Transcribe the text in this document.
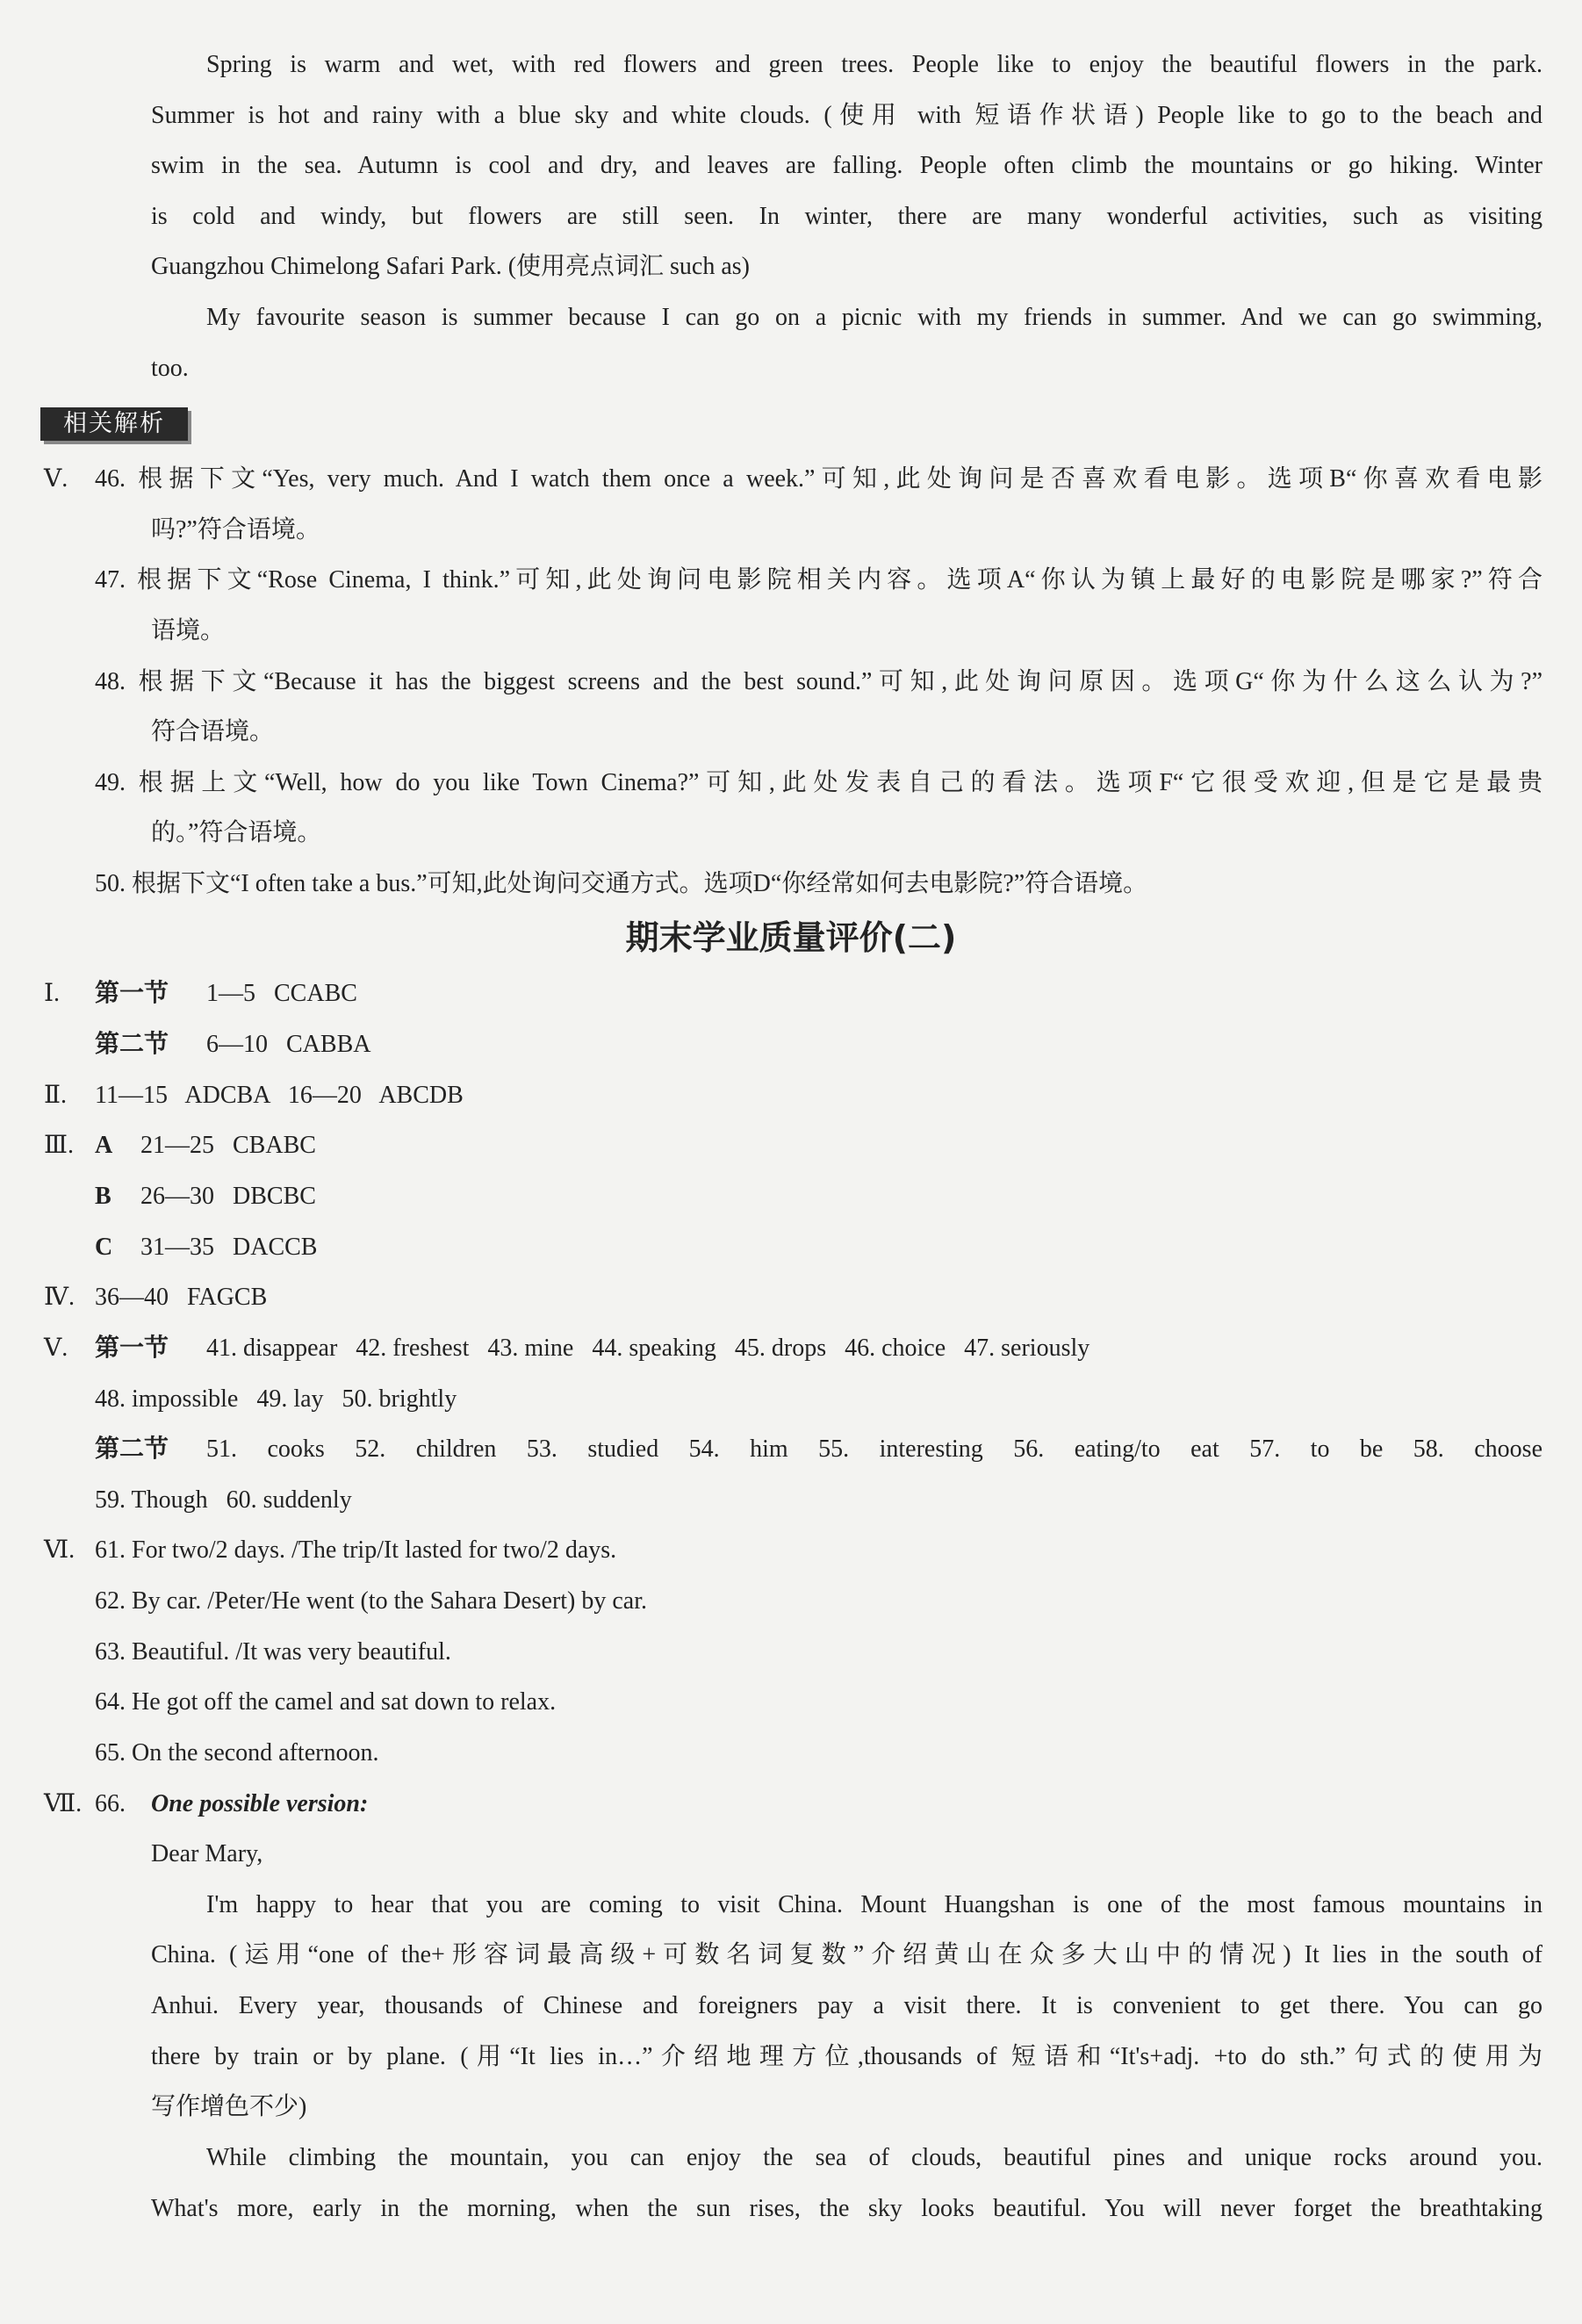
Spring is warm and wet, with red flowers and green trees. People like to enjoy the beautiful flowers in the park.
Summer is hot and rainy with a blue sky and white clouds. (使用 with 短语作状语) People like to go to the beach and
swim in the sea. Autumn is cool and dry, and leaves are falling. People often climb the mountains or go hiking. Winter
is cold and windy, but flowers are still seen. In winter, there are many wonderful activities, such as visiting
Guangzhou Chimelong Safari Park. (使用亮点词汇 such as)
My favourite season is summer because I can go on a picnic with my friends in summer. And we can go swimming,
too.
相关解析
Ⅴ. 46. 根据下文“Yes, very much. And I watch them once a week.”可知,此处询问是否喜欢看电影。选项B“你喜欢看电影
吗?”符合语境。
47. 根据下文“Rose Cinema, I think.”可知,此处询问电影院相关内容。选项A“你认为镇上最好的电影院是哪家?”符合
语境。
48. 根据下文“Because it has the biggest screens and the best sound.”可知,此处询问原因。选项G“你为什么这么认为?”
符合语境。
49. 根据上文“Well, how do you like Town Cinema?”可知,此处发表自己的看法。选项F“它很受欢迎,但是它是最贵
的。”符合语境。
50. 根据下文“I often take a bus.”可知,此处询问交通方式。选项D“你经常如何去电影院?”符合语境。
期末学业质量评价(二)
Ⅰ. 第一节 1—5   CCABC
第二节 6—10   CABBA
Ⅱ. 11—15   ADCBA   16—20   ABCDB
Ⅲ. A 21—25   CBABC
B 26—30   DBCBC
C 31—35   DACCB
Ⅳ. 36—40   FAGCB
Ⅴ. 第一节 41. disappear   42. freshest   43. mine   44. speaking   45. drops   46. choice   47. seriously
48. impossible   49. lay   50. brightly
第二节 51. cooks 52. children 53. studied 54. him 55. interesting 56. eating/to eat 57. to be 58. choose
59. Though   60. suddenly
Ⅵ. 61. For two/2 days. /The trip/It lasted for two/2 days.
62. By car. /Peter/He went (to the Sahara Desert) by car.
63. Beautiful. /It was very beautiful.
64. He got off the camel and sat down to relax.
65. On the second afternoon.
Ⅶ. 66. One possible version:
Dear Mary,
I'm happy to hear that you are coming to visit China. Mount Huangshan is one of the most famous mountains in
China. (运用“one of the+形容词最高级+可数名词复数”介绍黄山在众多大山中的情况) It lies in the south of
Anhui. Every year, thousands of Chinese and foreigners pay a visit there. It is convenient to get there. You can go
there by train or by plane. (用“It lies in…”介绍地理方位,thousands of 短语和“It's+adj. +to do sth.”句式的使用为
写作增色不少)
While climbing the mountain, you can enjoy the sea of clouds, beautiful pines and unique rocks around you.
What's more, early in the morning, when the sun rises, the sky looks beautiful. You will never forget the breathtaking
